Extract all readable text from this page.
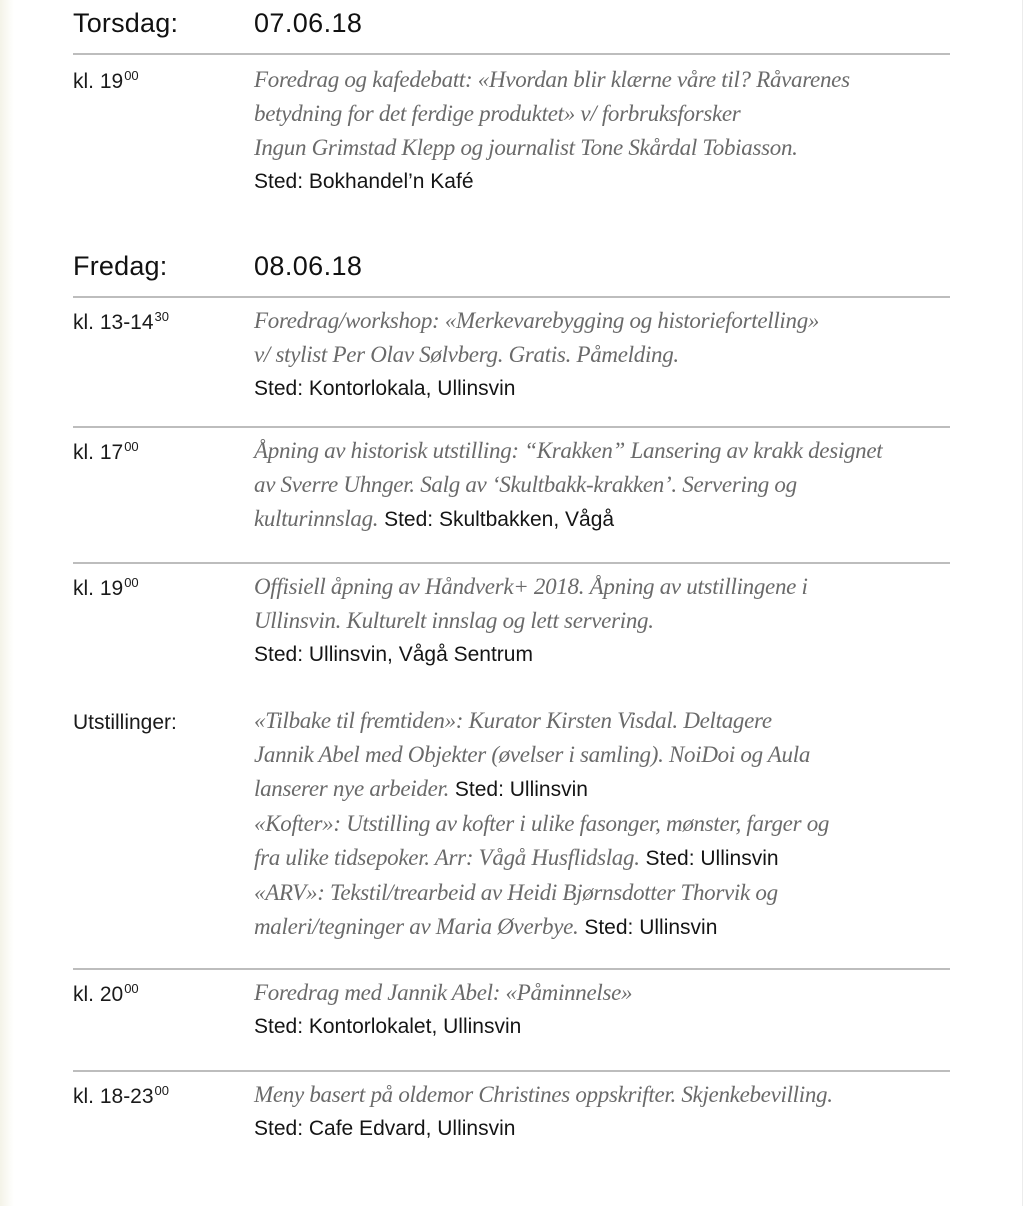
Torsdag:	07.06.18
kl. $19^{00}$	Foredrag og kafedebatt: «Hvordan blir klærne våre til? Råvarenes
betydning for det ferdige produktet» v/ forbruksforsker
Ingun Grimstad Klepp og journalist Tone Skårdal Tobiasson.
Sted: Bokhandel’n Kafé
Fredag:	08.06.18
kl. $13-14^{30}$	Foredrag/workshop: «Merkevarebygging og historiefortelling»
v/ stylist Per Olav Sølvberg. Gratis. Påmelding.
Sted: Kontorlokala, Ullinsvin
kl. $17^{00}$	Åpning av historisk utstilling: “Krakken” Lansering av krakk designet
av Sverre Uhnger. Salg av ‘Skultbakk-krakken’. Servering og
kulturinnslag. Sted: Skultbakken, Vågå
kl. $19^{00}$	Offisiell åpning av Håndverk+ 2018. Åpning av utstillingene i
Ullinsvin. Kulturelt innslag og lett servering.
Sted: Ullinsvin, Vågå Sentrum
Utstillinger:	«Tilbake til fremtiden»: Kurator Kirsten Visdal. Deltagere
Jannik Abel med Objekter (øvelser i samling). NoiDoi og Aula
lanserer nye arbeider. Sted: Ullinsvin
«Kofter»: Utstilling av kofter i ulike fasonger, mønster, farger og
fra ulike tidsepoker. Arr: Vågå Husflidslag. Sted: Ullinsvin
«ARV»: Tekstil/trearbeid av Heidi Bjørnsdotter Thorvik og
maleri/tegninger av Maria Øverbye. Sted: Ullinsvin
kl. $20^{00}$	Foredrag med Jannik Abel: «Påminnelse»
Sted: Kontorlokalet, Ullinsvin
kl. $18-23^{00}$	Meny basert på oldemor Christines oppskrifter. Skjenkebevilling.
Sted: Cafe Edvard, Ullinsvin
